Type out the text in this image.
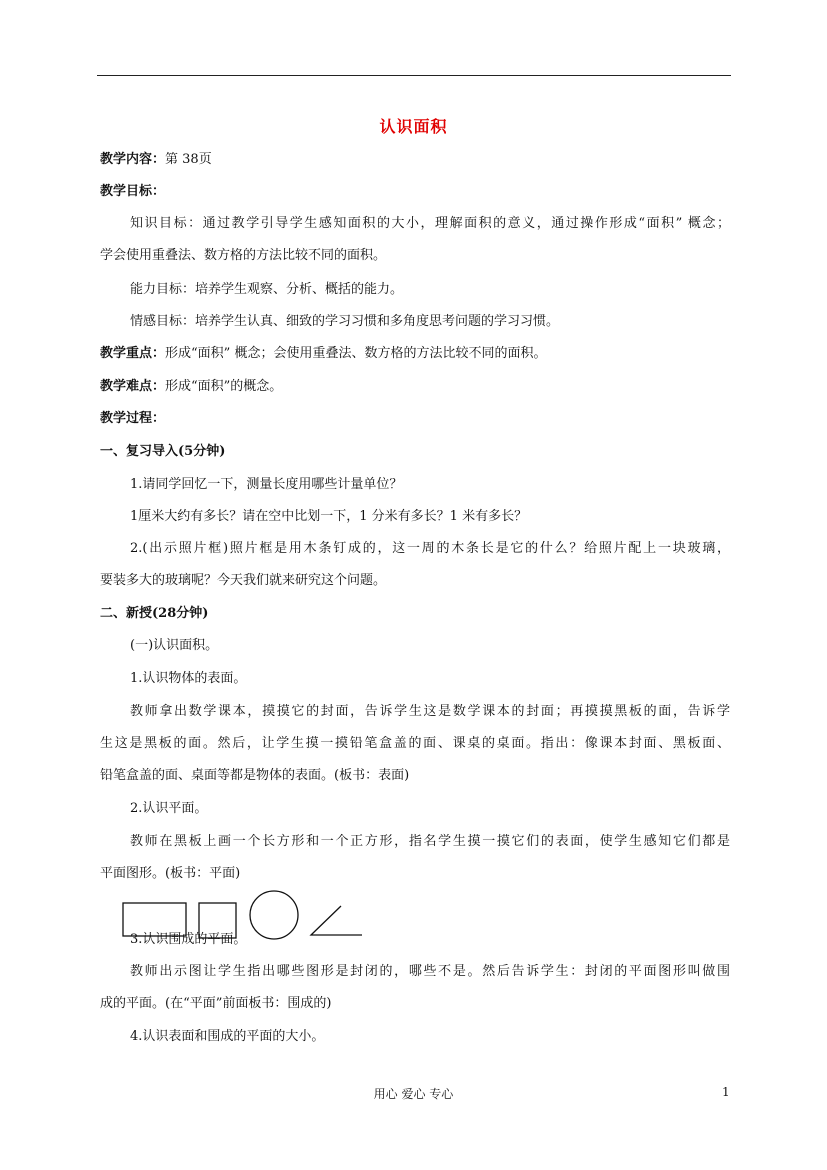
认识面积
教学内容：第 38页
教学目标：
知识目标：通过教学引导学生感知面积的大小，理解面积的意义，通过操作形成“面积” 概念；
学会使用重叠法、数方格的方法比较不同的面积。
能力目标：培养学生观察、分析、概括的能力。
情感目标：培养学生认真、细致的学习习惯和多角度思考问题的学习习惯。
教学重点：形成“面积” 概念；会使用重叠法、数方格的方法比较不同的面积。
教学难点：形成“面积”的概念。
教学过程：
一、复习导入(5分钟)
1.请同学回忆一下，测量长度用哪些计量单位？
1厘米大约有多长？请在空中比划一下，1 分米有多长？1 米有多长？
2.(出示照片框)照片框是用木条钉成的，这一周的木条长是它的什么？给照片配上一块玻璃，
要装多大的玻璃呢？今天我们就来研究这个问题。
二、新授(28分钟)
(一)认识面积。
1.认识物体的表面。
教师拿出数学课本，摸摸它的封面，告诉学生这是数学课本的封面；再摸摸黑板的面，告诉学
生这是黑板的面。然后，让学生摸一摸铅笔盒盖的面、课桌的桌面。指出：像课本封面、黑板面、
铅笔盒盖的面、桌面等都是物体的表面。(板书：表面)
2.认识平面。
教师在黑板上画一个长方形和一个正方形，指名学生摸一摸它们的表面，使学生感知它们都是
平面图形。(板书：平面)
3.认识围成的平面。
教师出示图让学生指出哪些图形是封闭的，哪些不是。然后告诉学生：封闭的平面图形叫做围
成的平面。(在“平面”前面板书：围成的)
4.认识表面和围成的平面的大小。
用心 爱心 专心	1
